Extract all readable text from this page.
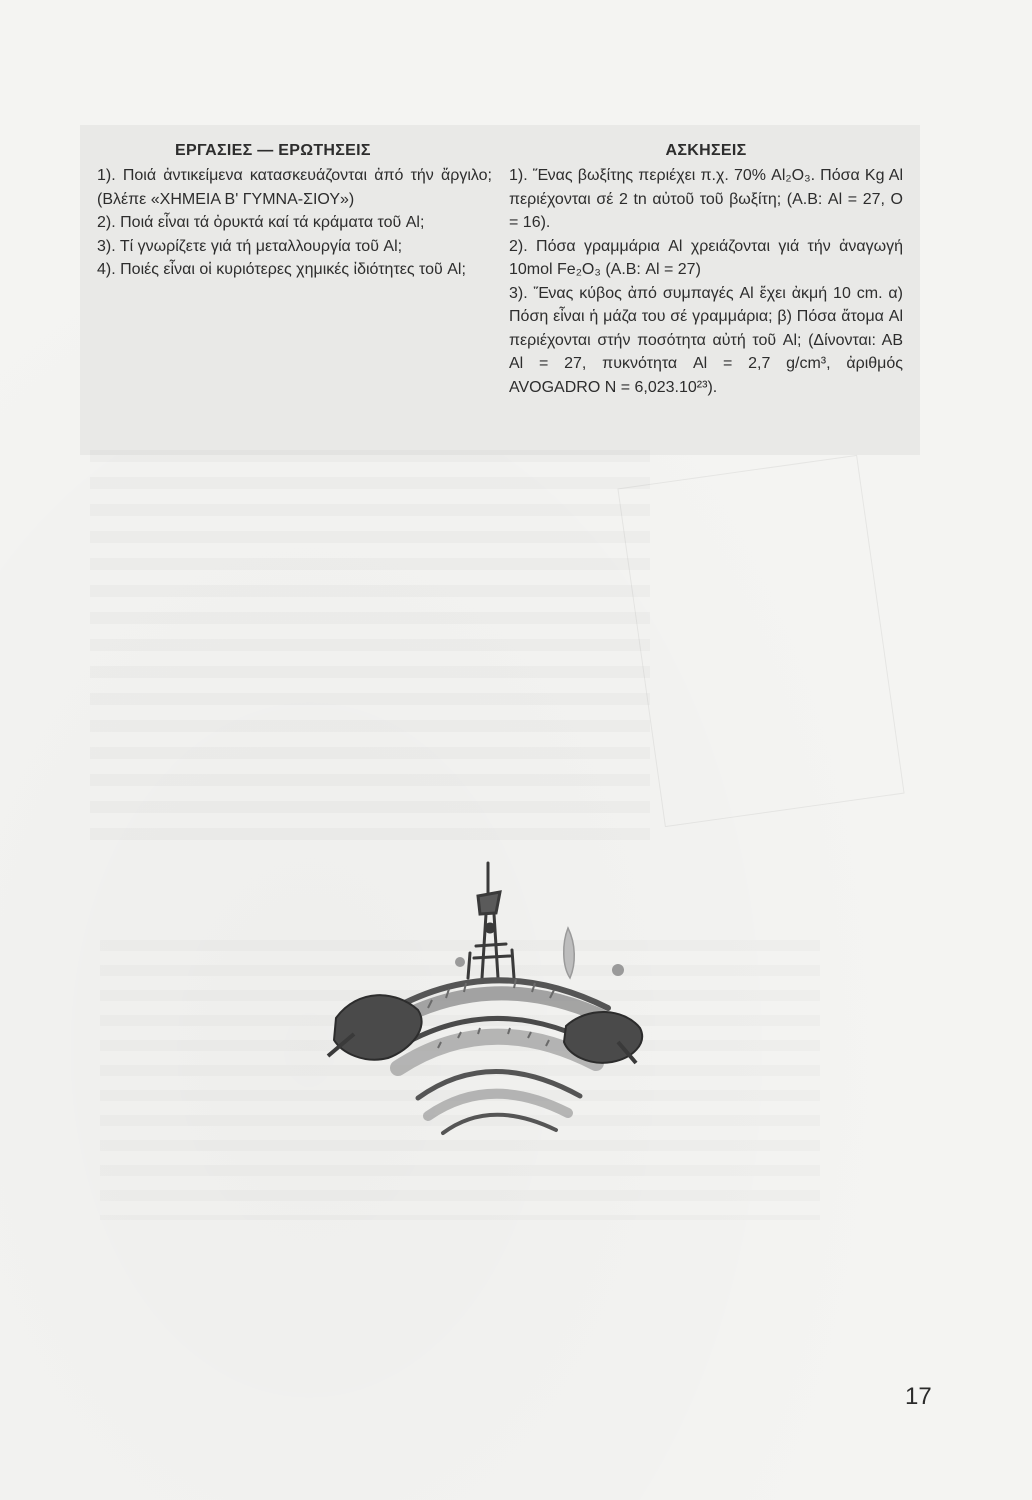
ΕΡΓΑΣΙΕΣ — ΕΡΩΤΗΣΕΙΣ

1). Ποιά ἀντικείμενα κατασκευάζονται ἀπό τήν ἄργιλο; (Βλέπε «ΧΗΜΕΙΑ Β' ΓΥΜΝΑ-ΣΙΟΥ»)

2). Ποιά εἶναι τά ὀρυκτά καί τά κράματα τοῦ Al;

3). Τί γνωρίζετε γιά τή μεταλλουργία τοῦ Al;

4). Ποιές εἶναι οἱ κυριότερες χημικές ἰδιότητες τοῦ Al;

ΑΣΚΗΣΕΙΣ

1). Ἕνας βωξίτης περιέχει π.χ. 70% Al₂O₃. Πόσα Kg Al περιέχονται σέ 2 tn αὐτοῦ τοῦ βωξίτη; (Α.Β: Al = 27, O = 16).

2). Πόσα γραμμάρια Al χρειάζονται γιά τήν ἀναγωγή 10mol Fe₂O₃ (Α.Β: Al = 27)

3). Ἕνας κύβος ἀπό συμπαγές Al ἔχει ἀκμή 10 cm. α) Πόση εἶναι ἡ μάζα του σέ γραμμάρια; β) Πόσα ἄτομα Al περιέχονται στήν ποσότητα αὐτή τοῦ Al; (Δίνονται: ΑΒ Al = 27, πυκνότητα Al = 2,7 g/cm³, ἀριθμός AVOGADRO N = 6,023.10²³).

17
